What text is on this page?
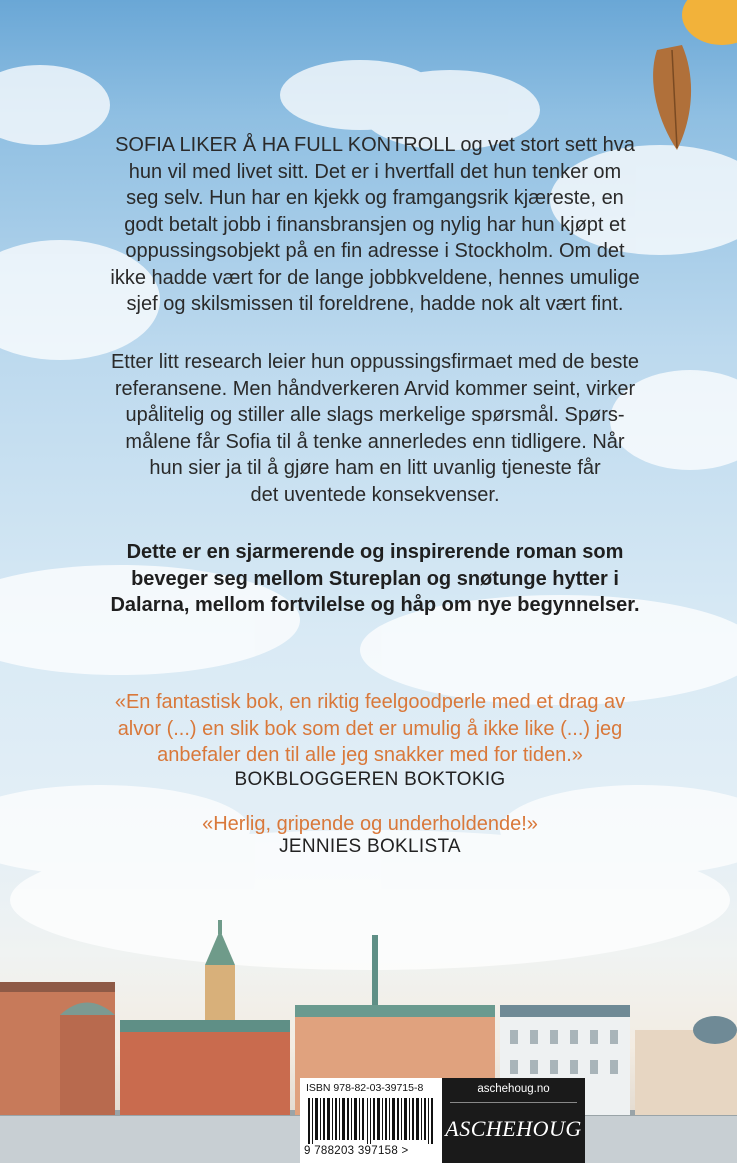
SOFIA LIKER Å HA FULL KONTROLL og vet stort sett hva
hun vil med livet sitt. Det er i hvertfall det hun tenker om
seg selv. Hun har en kjekk og framgangsrik kjæreste, en
godt betalt jobb i finansbransjen og nylig har hun kjøpt et
oppussingsobjekt på en fin adresse i Stockholm. Om det
ikke hadde vært for de lange jobbkveldene, hennes umulige
sjef og skilsmissen til foreldrene, hadde nok alt vært fint.

Etter litt research leier hun oppussingsfirmaet med de beste
referansene. Men håndverkeren Arvid kommer seint, virker
upålitelig og stiller alle slags merkelige spørsmål. Spørs-
målene får Sofia til å tenke annerledes enn tidligere. Når
hun sier ja til å gjøre ham en litt uvanlig tjeneste får
det uventede konsekvenser.

Dette er en sjarmerende og inspirerende roman som
beveger seg mellom Stureplan og snøtunge hytter i
Dalarna, mellom fortvilelse og håp om nye begynnelser.

«En fantastisk bok, en riktig feelgoodperle med et drag av
alvor (...) en slik bok som det er umulig å ikke like (...) jeg
anbefaler den til alle jeg snakker med for tiden.»

BOKBLOGGEREN BOKTOKIG

«Herlig, gripende og underholdende!»

JENNIES BOKLISTA
ISBN 978-82-03-39715-8
9 788203 397158 >
aschehoug.no
ASCHEHOUG
